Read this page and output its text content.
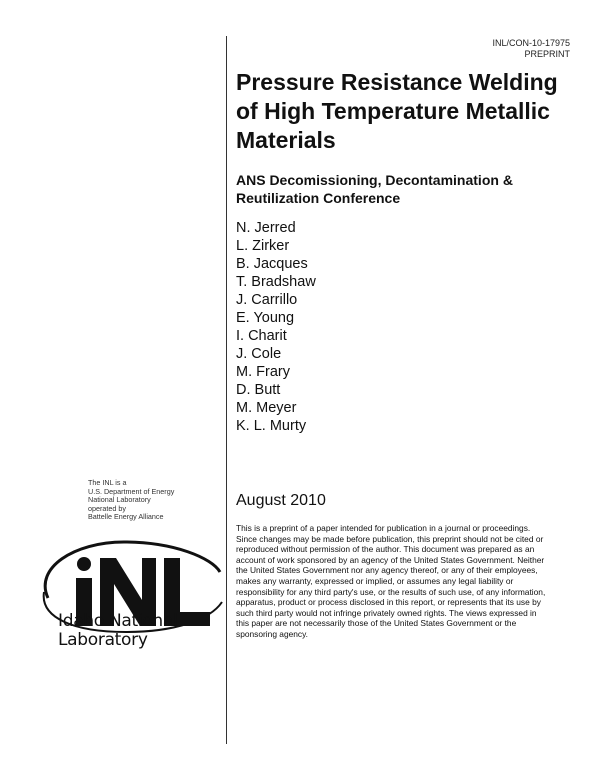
INL/CON-10-17975
PREPRINT
Pressure Resistance Welding of High Temperature Metallic Materials
ANS Decomissioning, Decontamination & Reutilization Conference
N. Jerred
L. Zirker
B. Jacques
T. Bradshaw
J. Carrillo
E. Young
I. Charit
J. Cole
M. Frary
D. Butt
M. Meyer
K. L. Murty
August 2010
This is a preprint of a paper intended for publication in a journal or proceedings. Since changes may be made before publication, this preprint should not be cited or reproduced without permission of the author. This document was prepared as an account of work sponsored by an agency of the United States Government. Neither the United States Government nor any agency thereof, or any of their employees, makes any warranty, expressed or implied, or assumes any legal liability or responsibility for any third party's use, or the results of such use, of any information, apparatus, product or process disclosed in this report, or represents that its use by such third party would not infringe privately owned rights. The views expressed in this paper are not necessarily those of the United States Government or the sponsoring agency.
The INL is a
U.S. Department of Energy
National Laboratory
operated by
Battelle Energy Alliance
Idaho National
Laboratory
